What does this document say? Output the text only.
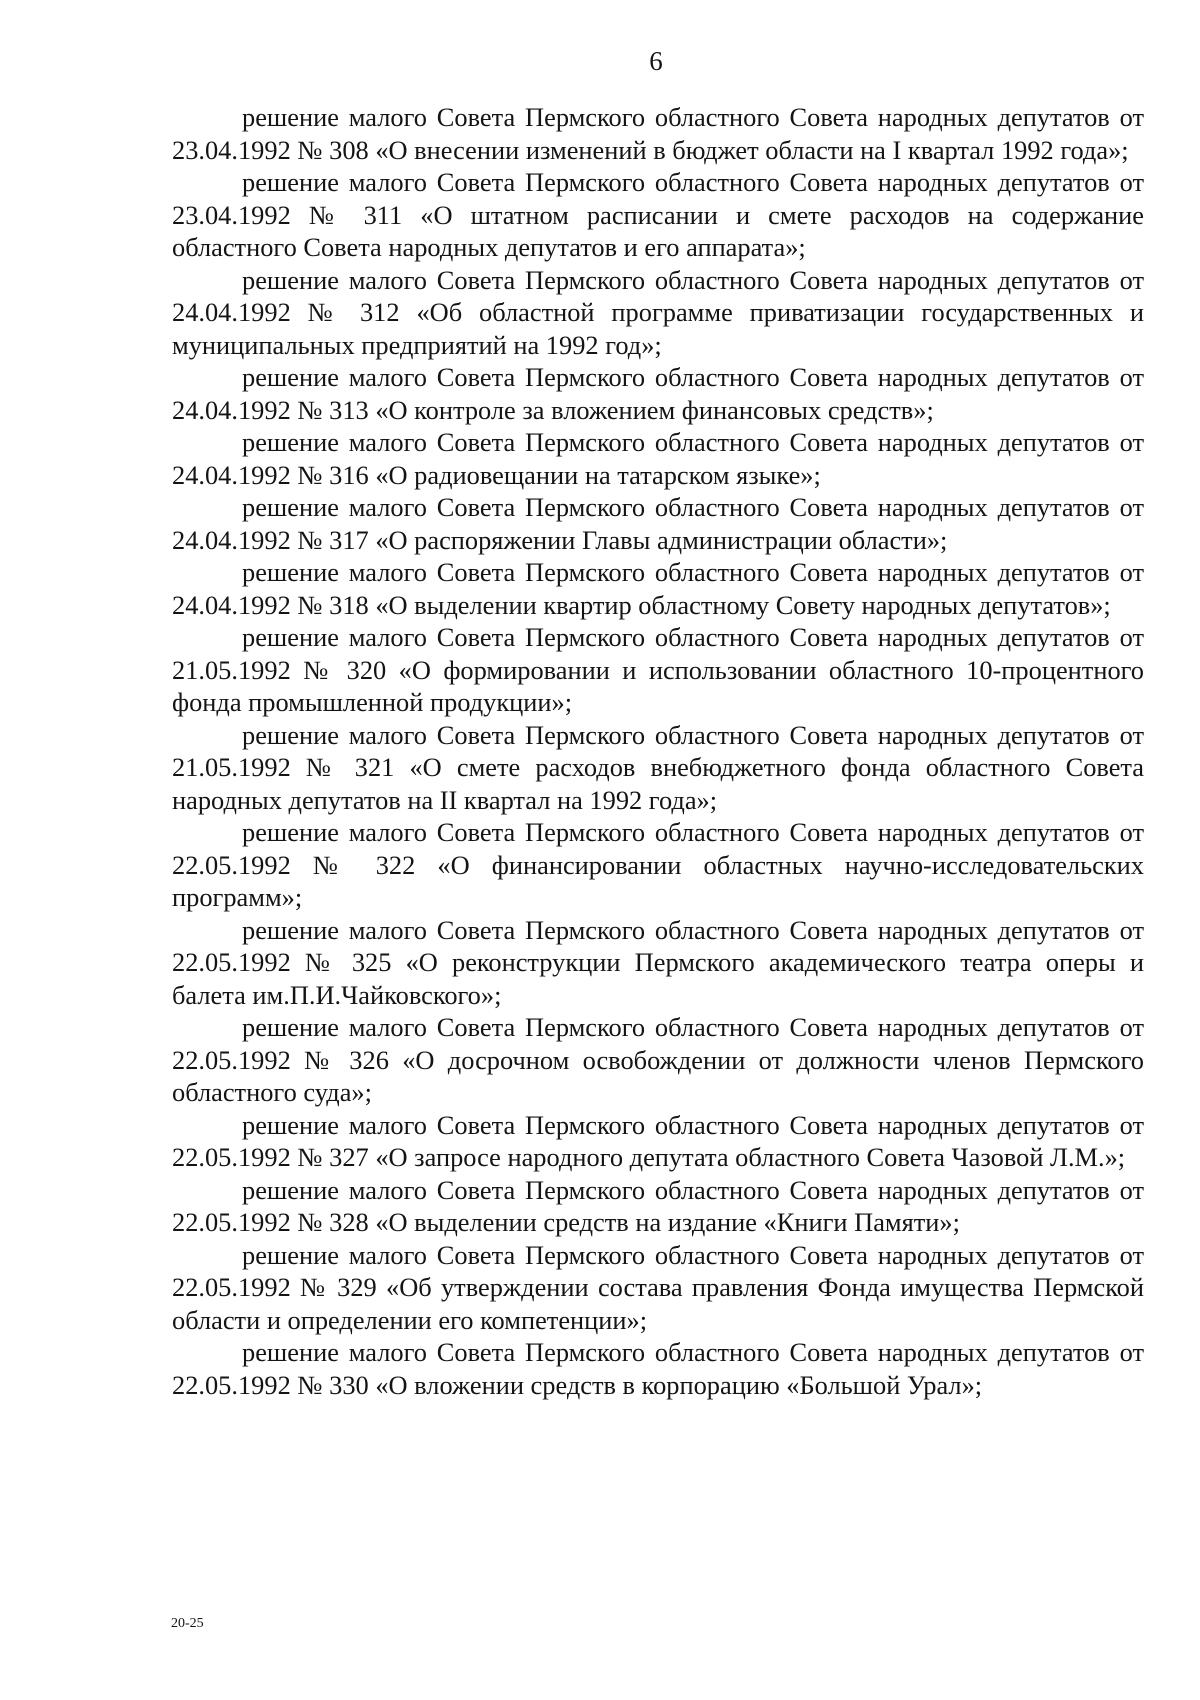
6

решение малого Совета Пермского областного Совета народных депутатов от 23.04.1992 № 308 «О внесении изменений в бюджет области на I квартал 1992 года»;

решение малого Совета Пермского областного Совета народных депутатов от 23.04.1992 № 311 «О штатном расписании и смете расходов на содержание областного Совета народных депутатов и его аппарата»;

решение малого Совета Пермского областного Совета народных депутатов от 24.04.1992 № 312 «Об областной программе приватизации государственных и муниципальных предприятий на 1992 год»;

решение малого Совета Пермского областного Совета народных депутатов от 24.04.1992 № 313 «О контроле за вложением финансовых средств»;

решение малого Совета Пермского областного Совета народных депутатов от 24.04.1992 № 316 «О радиовещании на татарском языке»;

решение малого Совета Пермского областного Совета народных депутатов от 24.04.1992 № 317 «О распоряжении Главы администрации области»;

решение малого Совета Пермского областного Совета народных депутатов от 24.04.1992 № 318 «О выделении квартир областному Совету народных депутатов»;

решение малого Совета Пермского областного Совета народных депутатов от 21.05.1992 № 320 «О формировании и использовании областного 10-процентного фонда промышленной продукции»;

решение малого Совета Пермского областного Совета народных депутатов от 21.05.1992 № 321 «О смете расходов внебюджетного фонда областного Совета народных депутатов на II квартал на 1992 года»;

решение малого Совета Пермского областного Совета народных депутатов от 22.05.1992 № 322 «О финансировании областных научно-исследовательских программ»;

решение малого Совета Пермского областного Совета народных депутатов от 22.05.1992 № 325 «О реконструкции Пермского академического театра оперы и балета им.П.И.Чайковского»;

решение малого Совета Пермского областного Совета народных депутатов от 22.05.1992 № 326 «О досрочном освобождении от должности членов Пермского областного суда»;

решение малого Совета Пермского областного Совета народных депутатов от 22.05.1992 № 327 «О запросе народного депутата областного Совета Чазовой Л.М.»;

решение малого Совета Пермского областного Совета народных депутатов от 22.05.1992 № 328 «О выделении средств на издание «Книги Памяти»;

решение малого Совета Пермского областного Совета народных депутатов от 22.05.1992 № 329 «Об утверждении состава правления Фонда имущества Пермской области и определении его компетенции»;

решение малого Совета Пермского областного Совета народных депутатов от 22.05.1992 № 330 «О вложении средств в корпорацию «Большой Урал»;

20-25
